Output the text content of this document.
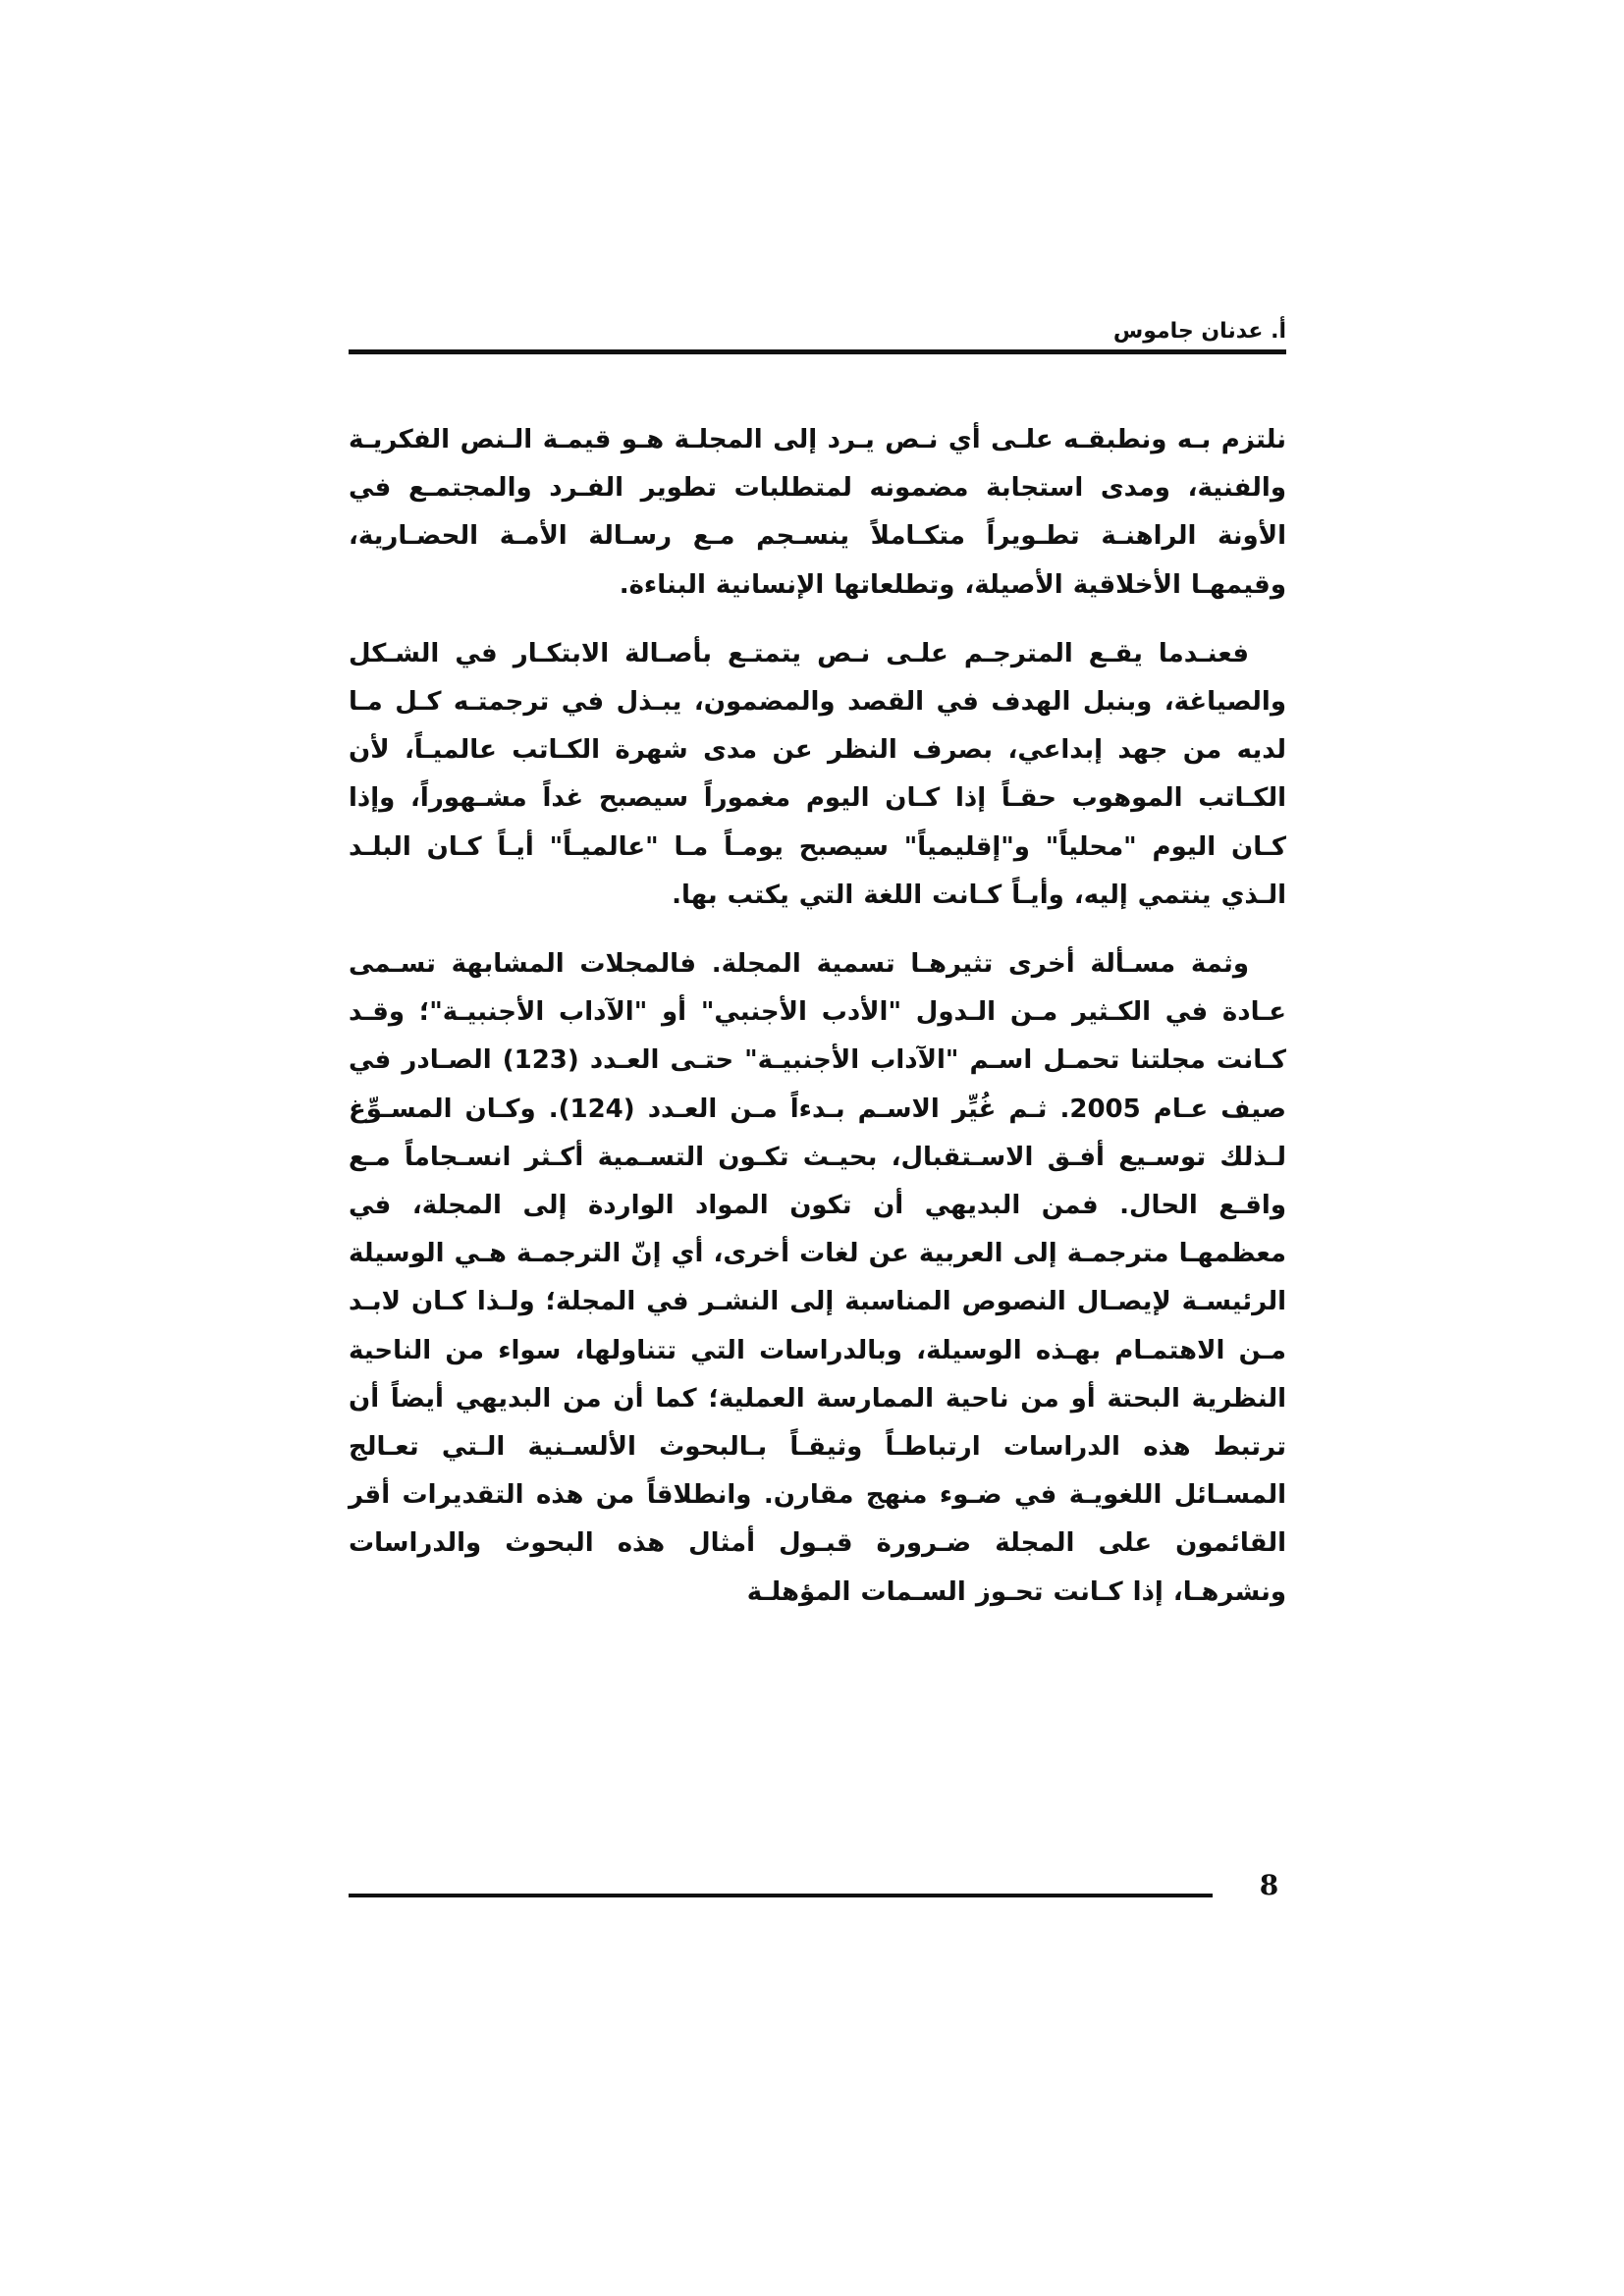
أ. عدنان جاموس

نلتزم بـه ونطبقـه علـى أي نـص يـرد إلى المجلـة هـو قيمـة الـنص الفكريـة والفنية، ومدى استجابة مضمونه لمتطلبات تطوير الفـرد والمجتمـع في الأونة الراهنـة تطـويراً متكـاملاً ينسـجم مـع رسـالة الأمـة الحضـارية، وقيمهـا الأخلاقية الأصيلة، وتطلعاتها الإنسانية البناءة.

فعنـدما يقـع المترجـم علـى نـص يتمتـع بأصـالة الابتكـار في الشـكل والصياغة، وبنبل الهدف في القصد والمضمون، يبـذل في ترجمتـه كـل مـا لديه من جهد إبداعي، بصرف النظر عن مدى شهرة الكـاتب عالميـاً، لأن الكـاتب الموهوب حقـاً إذا كـان اليوم مغموراً سيصبح غداً مشـهوراً، وإذا كـان اليوم "محلياً" و"إقليمياً" سيصبح يومـاً مـا "عالميـاً" أيـاً كـان البلـد الـذي ينتمي إليه، وأيـاً كـانت اللغة التي يكتب بها.

وثمة مسـألة أخرى تثيرهـا تسمية المجلة. فالمجلات المشابهة تسـمى عـادة في الكـثير مـن الـدول "الأدب الأجنبي" أو "الآداب الأجنبيـة"؛ وقـد كـانت مجلتنا تحمـل اسـم "الآداب الأجنبيـة" حتـى العـدد (123) الصـادر في صيف عـام 2005. ثـم غُيِّر الاسـم بـدءاً مـن العـدد (124). وكـان المسـوِّغ لـذلك توسـيع أفـق الاسـتقبال، بحيـث تكـون التسـمية أكـثر انسـجاماً مـع واقـع الحال. فمن البديهي أن تكون المواد الواردة إلى المجلة، في معظمهـا مترجمـة إلى العربية عن لغات أخرى، أي إنّ الترجمـة هـي الوسيلة الرئيسـة لإيصـال النصوص المناسبة إلى النشـر في المجلة؛ ولـذا كـان لابـد مـن الاهتمـام بهـذه الوسيلة، وبالدراسات التي تتناولها، سواء من الناحية النظرية البحتة أو من ناحية الممارسة العملية؛ كما أن من البديهي أيضاً أن ترتبط هذه الدراسات ارتباطـاً وثيقـاً بـالبحوث الألسـنية الـتي تعـالج المسـائل اللغويـة في ضـوء منهج مقارن. وانطلاقاً من هذه التقديرات أقر القائمون على المجلة ضـرورة قبـول أمثال هذه البحوث والدراسات ونشرهـا، إذا كـانت تحـوز السـمات المؤهلـة

8
